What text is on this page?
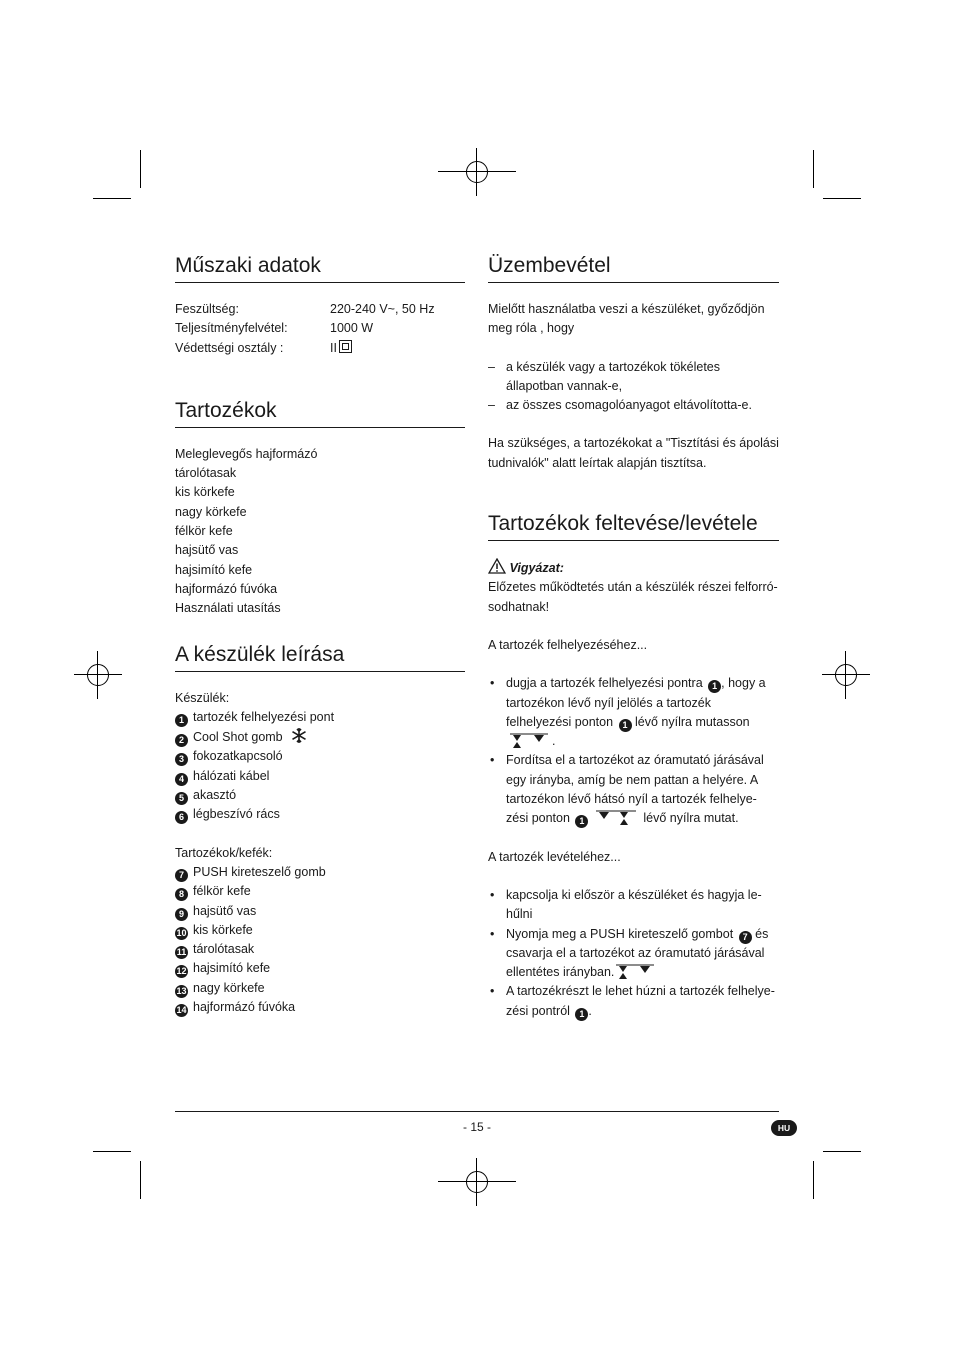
Műszaki adatok
Feszültség:	220-240 V~, 50 Hz
Teljesítményfelvétel:	1000 W
Védettségi osztály :	II
Tartozékok
Meleglevegős hajformázó
tárolótasak
kis körkefe
nagy körkefe
félkör kefe
hajsütő vas
hajsimító kefe
hajformázó fúvóka
Használati utasítás
A készülék leírása
Készülék:
1 tartozék felhelyezési pont
2 Cool Shot gomb
3 fokozatkapcsoló
4 hálózati kábel
5 akasztó
6 légbeszívó rács
Tartozékok/kefék:
7 PUSH kireteszelő gomb
8 félkör kefe
9 hajsütő vas
10 kis körkefe
11 tárolótasak
12 hajsimító kefe
13 nagy körkefe
14 hajformázó fúvóka
Üzembevétel
Mielőtt használatba veszi a készüléket, győződjön meg róla , hogy
– a készülék vagy a tartozékok tökéletes állapotban vannak-e,
– az összes csomagolóanyagot eltávolította-e.
Ha szükséges, a tartozékokat a "Tisztítási és ápolási tudnivalók" alatt leírtak alapján tisztítsa.
Tartozékok feltevése/levétele
Vigyázat:
Előzetes működtetés után a készülék részei felforró-sodhatnak!
A tartozék felhelyezéséhez...
• dugja a tartozék felhelyezési pontra 1 , hogy a tartozékon lévő nyíl jelölés a tartozék felhelyezési ponton 1 lévő nyílra mutasson .
• Fordítsa el a tartozékot az óramutató járásával egy irányba, amíg be nem pattan a helyére. A tartozékon lévő hátsó nyíl a tartozék felhelye-zési ponton 1	lévő nyílra mutat.
A tartozék levételéhez...
• kapcsolja ki először a készüléket és hagyja le-hűlni
• Nyomja meg a PUSH kireteszelő gombot 7 és csavarja el a tartozékot az óramutató járásával ellentétes irányban.
• A tartozékrészt le lehet húzni a tartozék felhelye-zési pontról 1 .
- 15 -	HU
